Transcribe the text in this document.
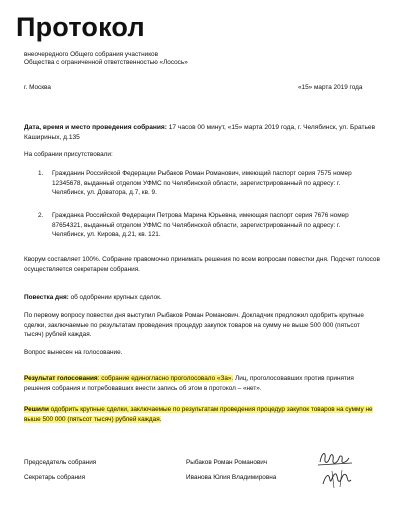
Протокол
внеочередного Общего собрания участников
Общества с ограниченной ответственностью «Лосось»
г. Москва	«15» марта 2019 года
Дата, время и место проведения собрания: 17 часов 00 минут, «15» марта 2019 года, г. Челябинск, ул. Братьев Кашириных, д.135
На собрании присутствовали:
1. Гражданин Российской Федерации Рыбаков Роман Романович, имеющий паспорт серия 7575 номер 12345678, выданный отделом УФМС по Челябинской области, зарегистрированный по адресу: г. Челябинск, ул. Доватора, д.7, кв. 9.
2. Гражданка Российской Федерации Петрова Марина Юрьевна, имеющая паспорт серия 7676 номер 87654321, выданный отделом УФМС по Челябинской области, зарегистрированный по адресу: г. Челябинск, ул. Кирова, д.21, кв. 121.
Кворум составляет 100%. Собрание правомочно принимать решения по всем вопросам повестки дня. Подсчет голосов осуществляется секретарем собрания.
Повестка дня: об одобрении крупных сделок.
По первому вопросу повестки дня выступил Рыбаков Роман Романович. Докладчик предложил одобрить крупные сделки, заключаемые по результатам проведения процедур закупок товаров на сумму не выше 500 000 (пятьсот тысяч) рублей каждая.
Вопрос вынесен на голосование.
Результат голосования: собрание единогласно проголосовало «За». Лиц, проголосовавших против принятия решения собрания и потребовавших внести запись об этом в протокол – «нет».
Решили одобрить крупные сделки, заключаемые по результатам проведения процедур закупок товаров на сумму не выше 500 000 (пятьсот тысяч) рублей каждая.
Председатель собрания	Рыбаков Роман Романович
Секретарь собрания	Иванова Юлия Владимировна
